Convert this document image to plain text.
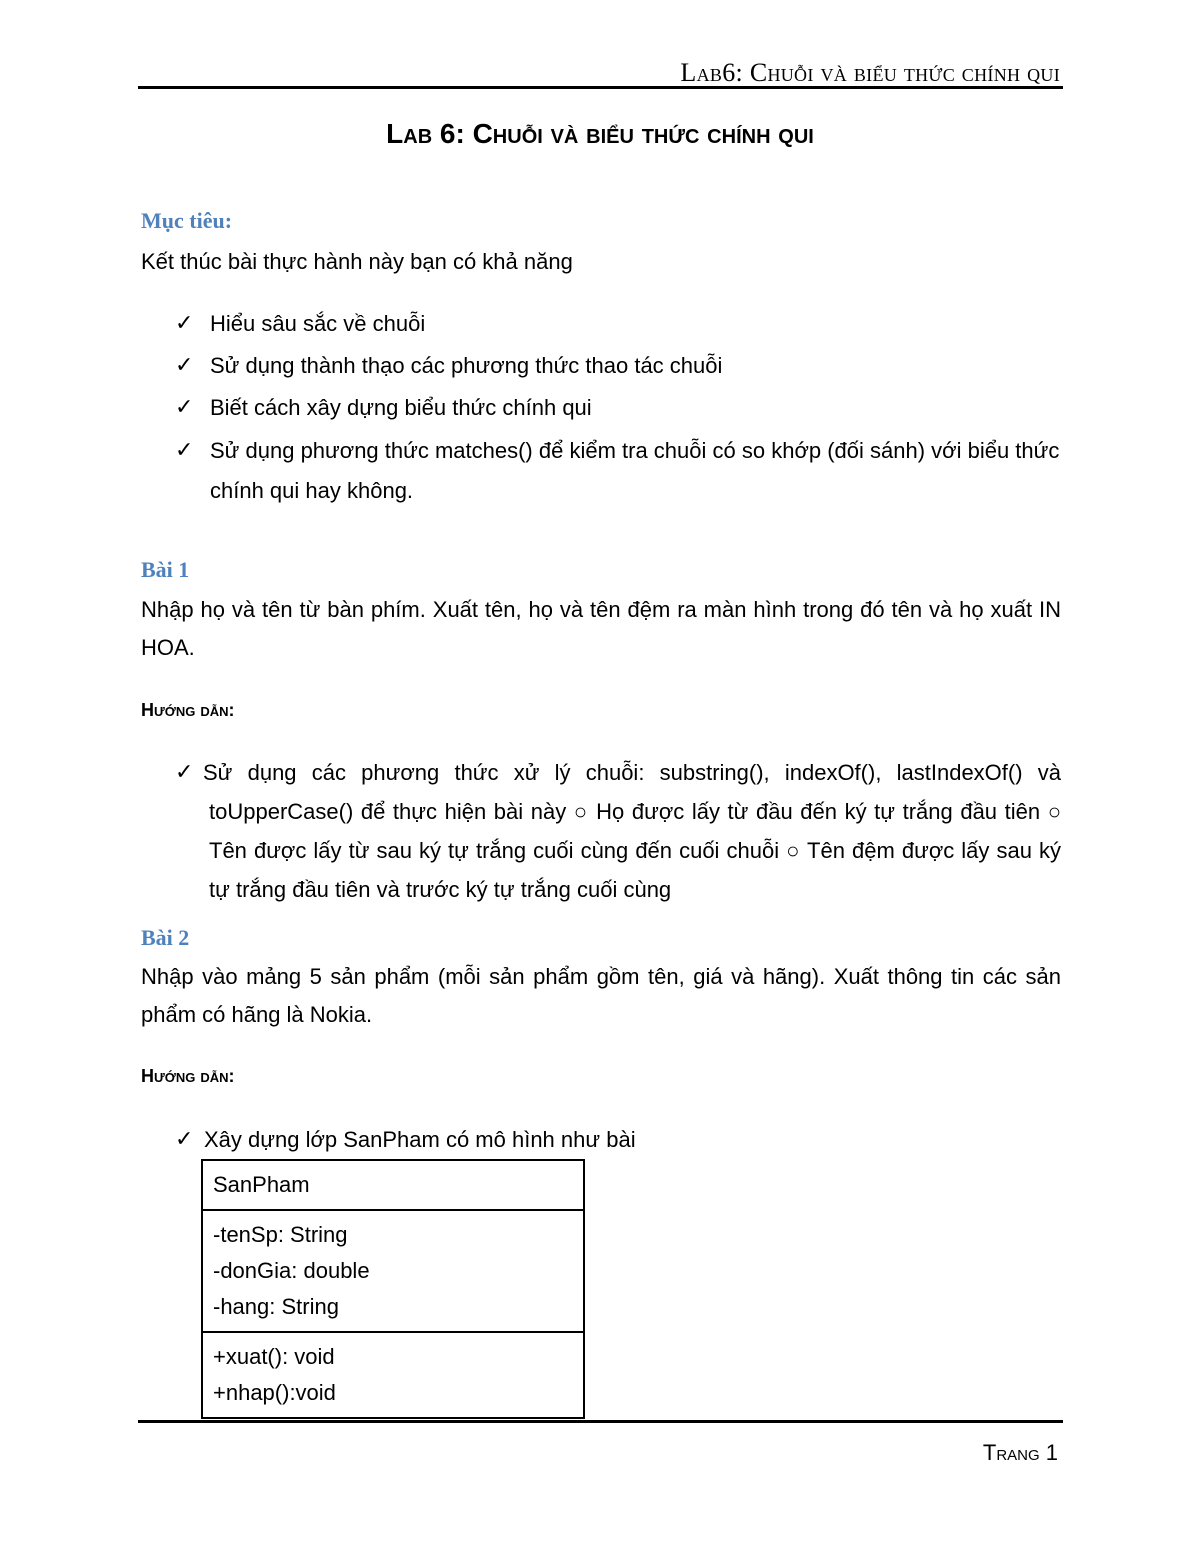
Lab6: Chuỗi và biểu thức chính qui
Lab 6: Chuỗi và biểu thức chính qui
Mục tiêu:
Kết thúc bài thực hành này bạn có khả năng
✓ Hiểu sâu sắc về chuỗi
✓ Sử dụng thành thạo các phương thức thao tác chuỗi
✓ Biết cách xây dựng biểu thức chính qui
✓ Sử dụng phương thức matches() để kiểm tra chuỗi có so khớp (đối sánh) với biểu thức chính qui hay không.
Bài 1
Nhập họ và tên từ bàn phím. Xuất tên, họ và tên đệm ra màn hình trong đó tên và họ xuất IN HOA.
Hướng dẫn:
✓ Sử dụng các phương thức xử lý chuỗi: substring(), indexOf(), lastIndexOf() và toUpperCase() để thực hiện bài này ○ Họ được lấy từ đầu đến ký tự trắng đầu tiên ○ Tên được lấy từ sau ký tự trắng cuối cùng đến cuối chuỗi ○ Tên đệm được lấy sau ký tự trắng đầu tiên và trước ký tự trắng cuối cùng
Bài 2
Nhập vào mảng 5 sản phẩm (mỗi sản phẩm gồm tên, giá và hãng). Xuất thông tin các sản phẩm có hãng là Nokia.
Hướng dẫn:
✓ Xây dựng lớp SanPham có mô hình như bài
SanPham
-tenSp: String
-donGia: double
-hang: String
+xuat(): void
+nhap():void
Trang 1
